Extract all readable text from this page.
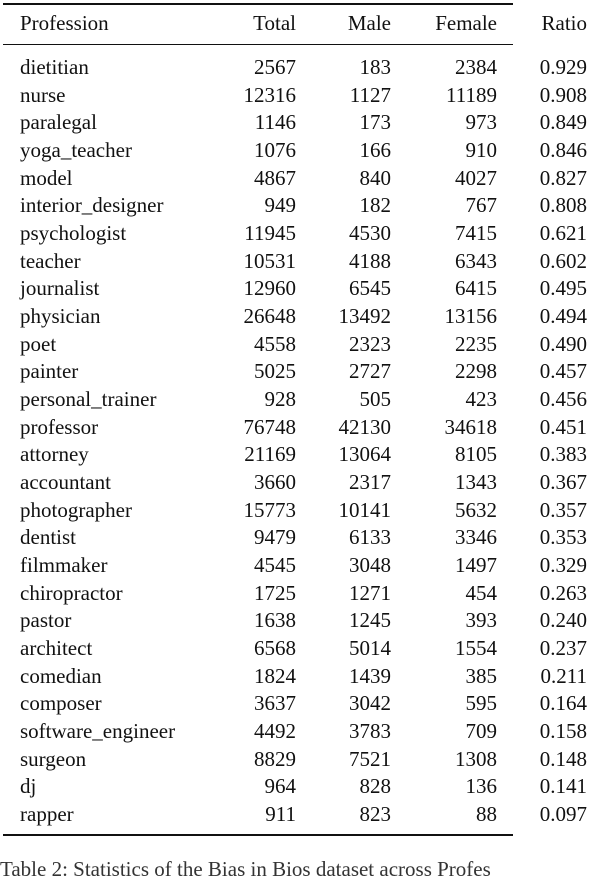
Profession	Total Male Female Ratio
dietitian	2567	183	2384 0.929
nurse	12316	1127	11189 0.908
paralegal	1146	173	973 0.849
yoga_teacher	1076	166	910 0.846
model	4867	840	4027 0.827
interior_designer	949	182	767 0.808
psychologist	11945	4530	7415 0.621
teacher	10531	4188	6343 0.602
journalist	12960	6545	6415 0.495
physician	26648 13492	13156 0.494
poet	4558	2323	2235 0.490
painter	5025	2727	2298 0.457
personal_trainer	928	505	423 0.456
professor	76748 42130	34618 0.451
attorney	21169 13064	8105 0.383
accountant	3660	2317	1343 0.367
photographer	15773 10141	5632 0.357
dentist	9479	6133	3346 0.353
filmmaker	4545	3048	1497 0.329
chiropractor	1725	1271	454 0.263
pastor	1638	1245	393 0.240
architect	6568	5014	1554 0.237
comedian	1824	1439	385 0.211
composer	3637	3042	595 0.164
software_engineer	4492	3783	709 0.158
surgeon	8829	7521	1308 0.148
dj	964	828	136 0.141
rapper	911	823	88 0.097
Table 2: Statistics of the Bias in Bios dataset across Profes
